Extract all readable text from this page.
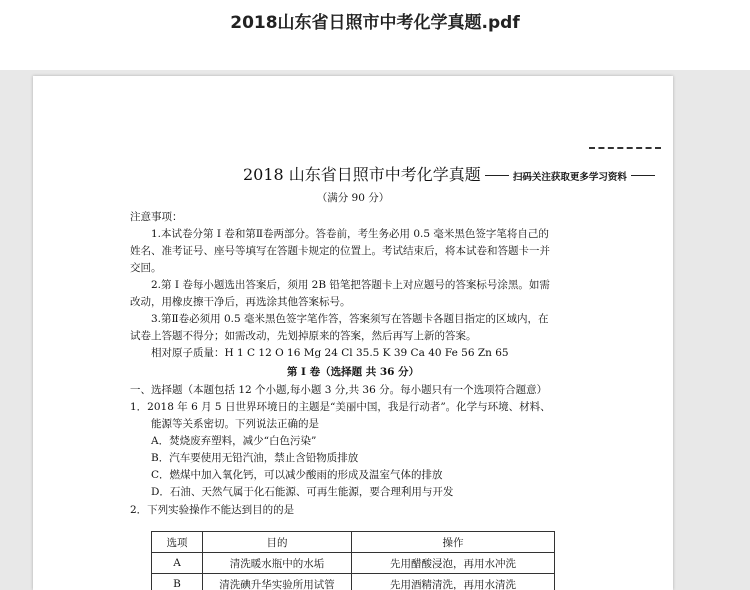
2018山东省日照市中考化学真题.pdf
2018 山东省日照市中考化学真题	扫码关注获取更多学习资料
（满分 90 分）
注意事项：
1.本试卷分第 I 卷和第Ⅱ卷两部分。答卷前，考生务必用 0.5 毫米黑色签字笔将自己的
姓名、准考证号、座号等填写在答题卡规定的位置上。考试结束后，将本试卷和答题卡一并
交回。
2.第 I 卷每小题选出答案后，须用 2B 铅笔把答题卡上对应题号的答案标号涂黑。如需
改动，用橡皮擦干净后，再选涂其他答案标号。
3.第Ⅱ卷必须用 0.5 毫米黑色签字笔作答，答案须写在答题卡各题目指定的区域内，在
试卷上答题不得分；如需改动，先划掉原来的答案，然后再写上新的答案。
相对原子质量：H 1 C 12 O 16 Mg 24 Cl 35.5 K 39 Ca 40 Fe 56 Zn 65
第 I 卷（选择题 共 36 分）
一、选择题（本题包括 12 个小题,每小题 3 分,共 36 分。每小题只有一个选项符合题意）
1．2018 年 6 月 5 日世界环境日的主题是“美丽中国，我是行动者”。化学与环境、材料、
能源等关系密切。下列说法正确的是
A．焚烧废弃塑料，减少“白色污染”
B．汽车要使用无铅汽油，禁止含铅物质排放
C．燃煤中加入氧化钙，可以减少酸雨的形成及温室气体的排放
D．石油、天然气属于化石能源、可再生能源，要合理利用与开发
2．下列实验操作不能达到目的的是
选项	目的	操作
A	清洗暖水瓶中的水垢	先用醋酸浸泡，再用水冲洗
B	清洗碘升华实验所用试管	先用酒精清洗，再用水清洗
